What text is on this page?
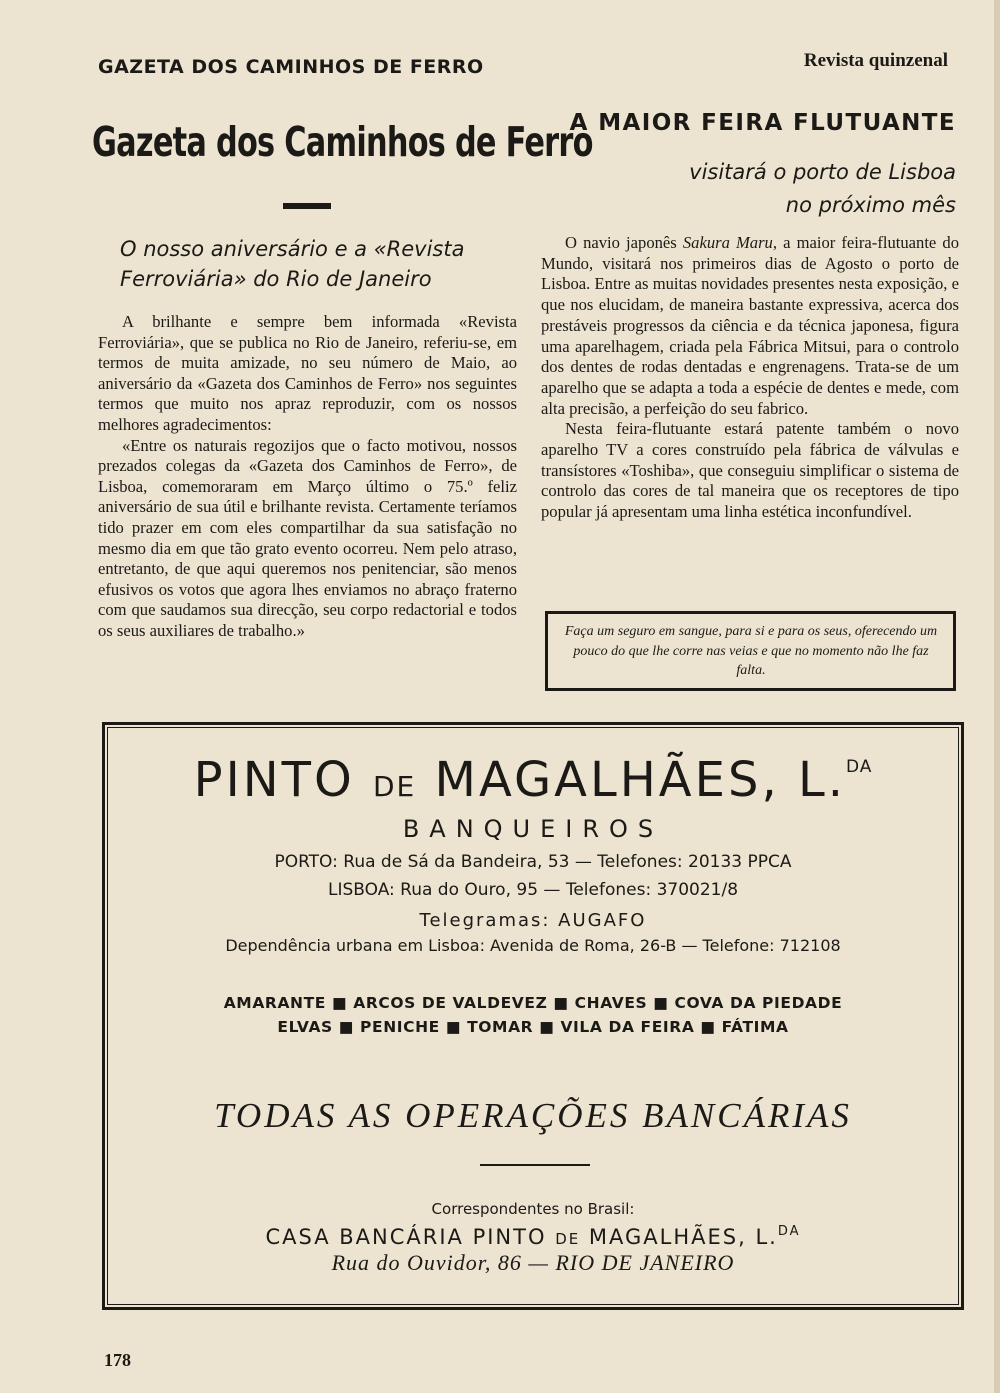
GAZETA DOS CAMINHOS DE FERRO	Revista quinzenal
Gazeta dos Caminhos de Ferro
O nosso aniversário e a «Revista Ferroviária» do Rio de Janeiro

A brilhante e sempre bem informada «Revista Ferroviária», que se publica no Rio de Janeiro, referiu-se, em termos de muita amizade, no seu número de Maio, ao aniversário da «Gazeta dos Caminhos de Ferro» nos seguintes termos que muito nos apraz reproduzir, com os nossos melhores agradecimentos:

«Entre os naturais regozijos que o facto motivou, nossos prezados colegas da «Gazeta dos Caminhos de Ferro», de Lisboa, comemoraram em Março último o 75.º feliz aniversário de sua útil e brilhante revista. Certamente teríamos tido prazer em com eles compartilhar da sua satisfação no mesmo dia em que tão grato evento ocorreu. Nem pelo atraso, entretanto, de que aqui queremos nos penitenciar, são menos efusivos os votos que agora lhes enviamos no abraço fraterno com que saudamos sua direcção, seu corpo redactorial e todos os seus auxiliares de trabalho.»

A MAIOR FEIRA FLUTUANTE
visitará o porto de Lisboa
no próximo mês

O navio japonês Sakura Maru, a maior feira-flutuante do Mundo, visitará nos primeiros dias de Agosto o porto de Lisboa. Entre as muitas novidades presentes nesta exposição, e que nos elucidam, de maneira bastante expressiva, acerca dos prestáveis progressos da ciência e da técnica japonesa, figura uma aparelhagem, criada pela Fábrica Mitsui, para o controlo dos dentes de rodas dentadas e engrenagens. Trata-se de um aparelho que se adapta a toda a espécie de dentes e mede, com alta precisão, a perfeição do seu fabrico.

Nesta feira-flutuante estará patente também o novo aparelho TV a cores construído pela fábrica de válvulas e transístores «Toshiba», que conseguiu simplificar o sistema de controlo das cores de tal maneira que os receptores de tipo popular já apresentam uma linha estética inconfundível.

Faça um seguro em sangue, para si e para os seus, oferecendo um pouco do que lhe corre nas veias e que no momento não lhe faz falta.
PINTO DE MAGALHÃES, L.$^{DA}$
BANQUEIROS
PORTO: Rua de Sá da Bandeira, 53 — Telefones: 20133 PPCA
LISBOA: Rua do Ouro, 95 — Telefones: 370021/8
Telegramas: AUGAFO
Dependência urbana em Lisboa: Avenida de Roma, 26-B — Telefone: 712108
AMARANTE ■ ARCOS DE VALDEVEZ ■ CHAVES ■ COVA DA PIEDADE
ELVAS ■ PENICHE ■ TOMAR ■ VILA DA FEIRA ■ FÁTIMA
TODAS AS OPERAÇÕES BANCÁRIAS
Correspondentes no Brasil:
CASA BANCÁRIA PINTO DE MAGALHÃES, L.$^{DA}$
Rua do Ouvidor, 86 — RIO DE JANEIRO
178
